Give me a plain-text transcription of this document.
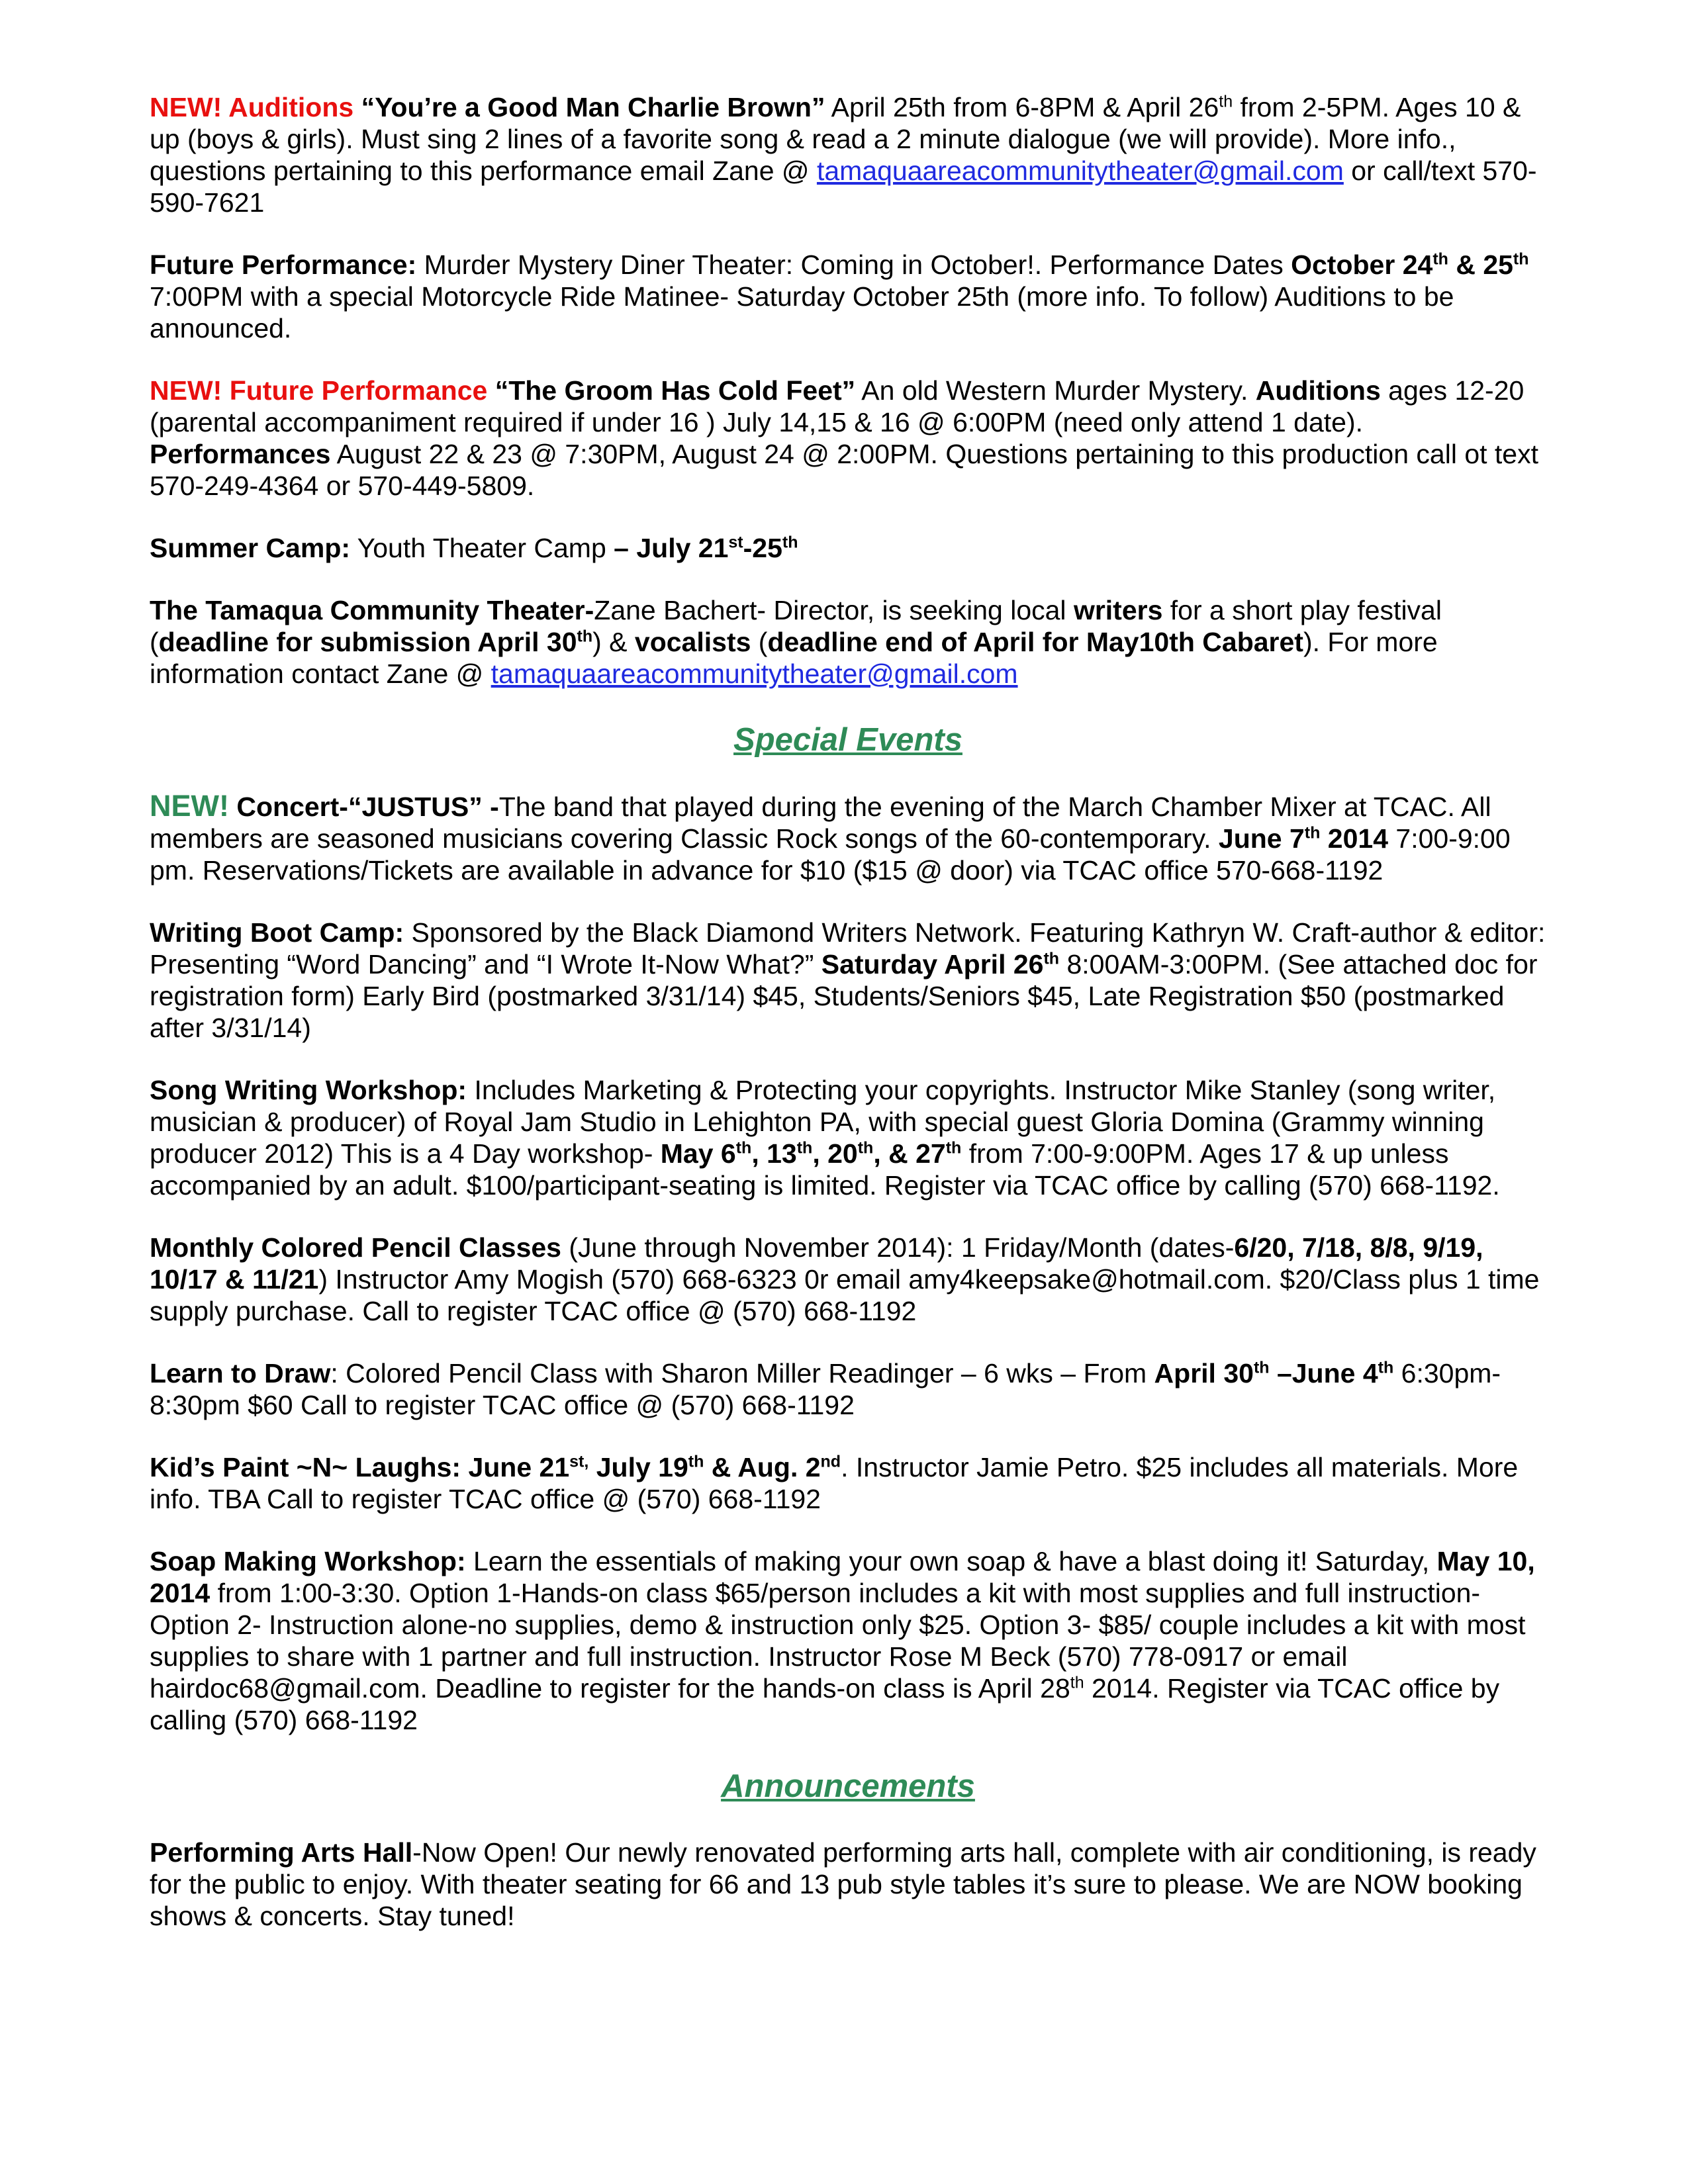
NEW! Auditions “You’re a Good Man Charlie Brown” April 25th from 6-8PM & April 26th from 2-5PM. Ages 10 & up (boys & girls). Must sing 2 lines of a favorite song & read a 2 minute dialogue (we will provide). More info., questions pertaining to this performance email Zane @ tamaquaareacommunitytheater@gmail.com or call/text 570-590-7621

Future Performance: Murder Mystery Diner Theater: Coming in October!. Performance Dates October 24th & 25th 7:00PM with a special Motorcycle Ride Matinee- Saturday October 25th (more info. To follow) Auditions to be announced.

NEW! Future Performance “The Groom Has Cold Feet” An old Western Murder Mystery. Auditions ages 12-20 (parental accompaniment required if under 16 ) July 14,15 & 16 @ 6:00PM (need only attend 1 date). Performances August 22 & 23 @ 7:30PM, August 24 @ 2:00PM. Questions pertaining to this production call ot text 570-249-4364 or 570-449-5809.

Summer Camp: Youth Theater Camp – July 21st-25th

The Tamaqua Community Theater-Zane Bachert- Director, is seeking local writers for a short play festival (deadline for submission April 30th) & vocalists (deadline end of April for May10th Cabaret). For more information contact Zane @ tamaquaareacommunitytheater@gmail.com

Special Events

NEW! Concert-“JUSTUS” -The band that played during the evening of the March Chamber Mixer at TCAC. All members are seasoned musicians covering Classic Rock songs of the 60-contemporary. June 7th 2014 7:00-9:00 pm. Reservations/Tickets are available in advance for $10 ($15 @ door) via TCAC office 570-668-1192

Writing Boot Camp: Sponsored by the Black Diamond Writers Network. Featuring Kathryn W. Craft-author & editor: Presenting “Word Dancing” and “I Wrote It-Now What?” Saturday April 26th 8:00AM-3:00PM. (See attached doc for registration form) Early Bird (postmarked 3/31/14) $45, Students/Seniors $45, Late Registration $50 (postmarked after 3/31/14)

Song Writing Workshop: Includes Marketing & Protecting your copyrights. Instructor Mike Stanley (song writer, musician & producer) of Royal Jam Studio in Lehighton PA, with special guest Gloria Domina (Grammy winning producer 2012) This is a 4 Day workshop- May 6th, 13th, 20th, & 27th from 7:00-9:00PM. Ages 17 & up unless accompanied by an adult. $100/participant-seating is limited. Register via TCAC office by calling (570) 668-1192.

Monthly Colored Pencil Classes (June through November 2014): 1 Friday/Month (dates-6/20, 7/18, 8/8, 9/19, 10/17 & 11/21) Instructor Amy Mogish (570) 668-6323 0r email amy4keepsake@hotmail.com. $20/Class plus 1 time supply purchase. Call to register TCAC office @ (570) 668-1192

Learn to Draw: Colored Pencil Class with Sharon Miller Readinger – 6 wks – From April 30th –June 4th 6:30pm-8:30pm $60 Call to register TCAC office @ (570) 668-1192

Kid’s Paint ~N~ Laughs: June $21^{st,}$ July 19th & Aug. 2nd. Instructor Jamie Petro. $25 includes all materials. More info. TBA Call to register TCAC office @ (570) 668-1192

Soap Making Workshop: Learn the essentials of making your own soap & have a blast doing it! Saturday, May 10, 2014 from 1:00-3:30. Option 1-Hands-on class $65/person includes a kit with most supplies and full instruction-Option 2- Instruction alone-no supplies, demo & instruction only $25. Option 3- $85/ couple includes a kit with most supplies to share with 1 partner and full instruction. Instructor Rose M Beck (570) 778-0917 or email hairdoc68@gmail.com. Deadline to register for the hands-on class is April 28th 2014. Register via TCAC office by calling (570) 668-1192

Announcements

Performing Arts Hall-Now Open! Our newly renovated performing arts hall, complete with air conditioning, is ready for the public to enjoy. With theater seating for 66 and 13 pub style tables it’s sure to please. We are NOW booking shows & concerts. Stay tuned!
